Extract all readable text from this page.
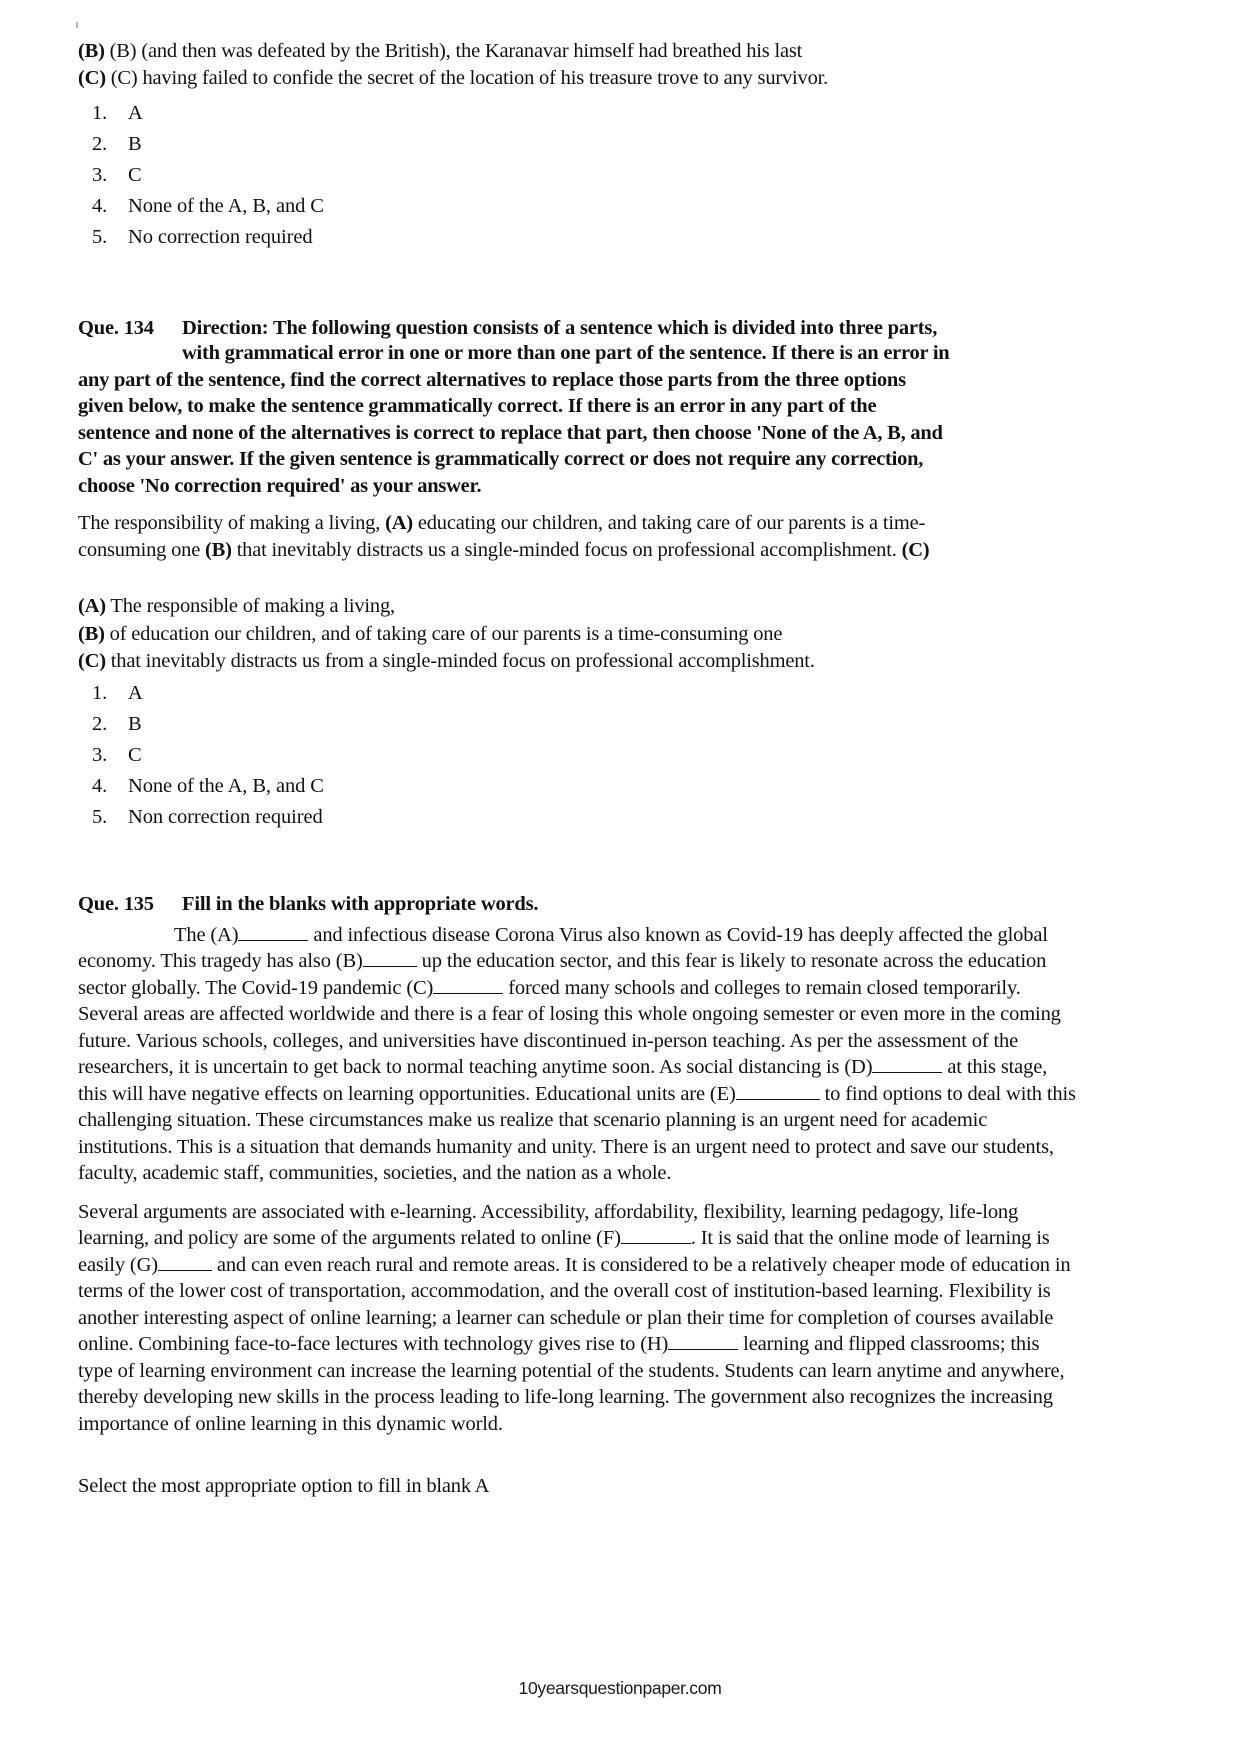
(B) (B) (and then was defeated by the British), the Karanavar himself had breathed his last
(C) (C) having failed to confide the secret of the location of his treasure trove to any survivor.
1.	A
2.	B
3.	C
4.	None of the A, B, and C
5.	No correction required
Que. 134	Direction: The following question consists of a sentence which is divided into three parts,
with grammatical error in one or more than one part of the sentence. If there is an error in
any part of the sentence, find the correct alternatives to replace those parts from the three options
given below, to make the sentence grammatically correct. If there is an error in any part of the
sentence and none of the alternatives is correct to replace that part, then choose 'None of the A, B, and
C' as your answer. If the given sentence is grammatically correct or does not require any correction,
choose 'No correction required' as your answer.
The responsibility of making a living, (A) educating our children, and taking care of our parents is a time-
consuming one (B) that inevitably distracts us a single-minded focus on professional accomplishment. (C)
(A) The responsible of making a living,
(B) of education our children, and of taking care of our parents is a time-consuming one
(C) that inevitably distracts us from a single-minded focus on professional accomplishment.
1.	A
2.	B
3.	C
4.	None of the A, B, and C
5.	Non correction required
Que. 135	Fill in the blanks with appropriate words.

The (A)	and infectious disease Corona Virus also known as Covid-19 has deeply affected the global economy. This tragedy has also (B)	up the education sector, and this fear is likely to resonate across the education sector globally. The Covid-19 pandemic (C)	forced many schools and colleges to remain closed temporarily. Several areas are affected worldwide and there is a fear of losing this whole ongoing semester or even more in the coming future. Various schools, colleges, and universities have discontinued in-person teaching. As per the assessment of the researchers, it is uncertain to get back to normal teaching anytime soon. As social distancing is (D)	at this stage, this will have negative effects on learning opportunities. Educational units are (E)	to find options to deal with this challenging situation. These circumstances make us realize that scenario planning is an urgent need for academic institutions. This is a situation that demands humanity and unity. There is an urgent need to protect and save our students, faculty, academic staff, communities, societies, and the nation as a whole.

Several arguments are associated with e-learning. Accessibility, affordability, flexibility, learning pedagogy, life-long learning, and policy are some of the arguments related to online (F)	. It is said that the online mode of learning is easily (G)	and can even reach rural and remote areas. It is considered to be a relatively cheaper mode of education in terms of the lower cost of transportation, accommodation, and the overall cost of institution-based learning. Flexibility is another interesting aspect of online learning; a learner can schedule or plan their time for completion of courses available online. Combining face-to-face lectures with technology gives rise to (H)	learning and flipped classrooms; this type of learning environment can increase the learning potential of the students. Students can learn anytime and anywhere, thereby developing new skills in the process leading to life-long learning. The government also recognizes the increasing importance of online learning in this dynamic world.

Select the most appropriate option to fill in blank A
10yearsquestionpaper.com
